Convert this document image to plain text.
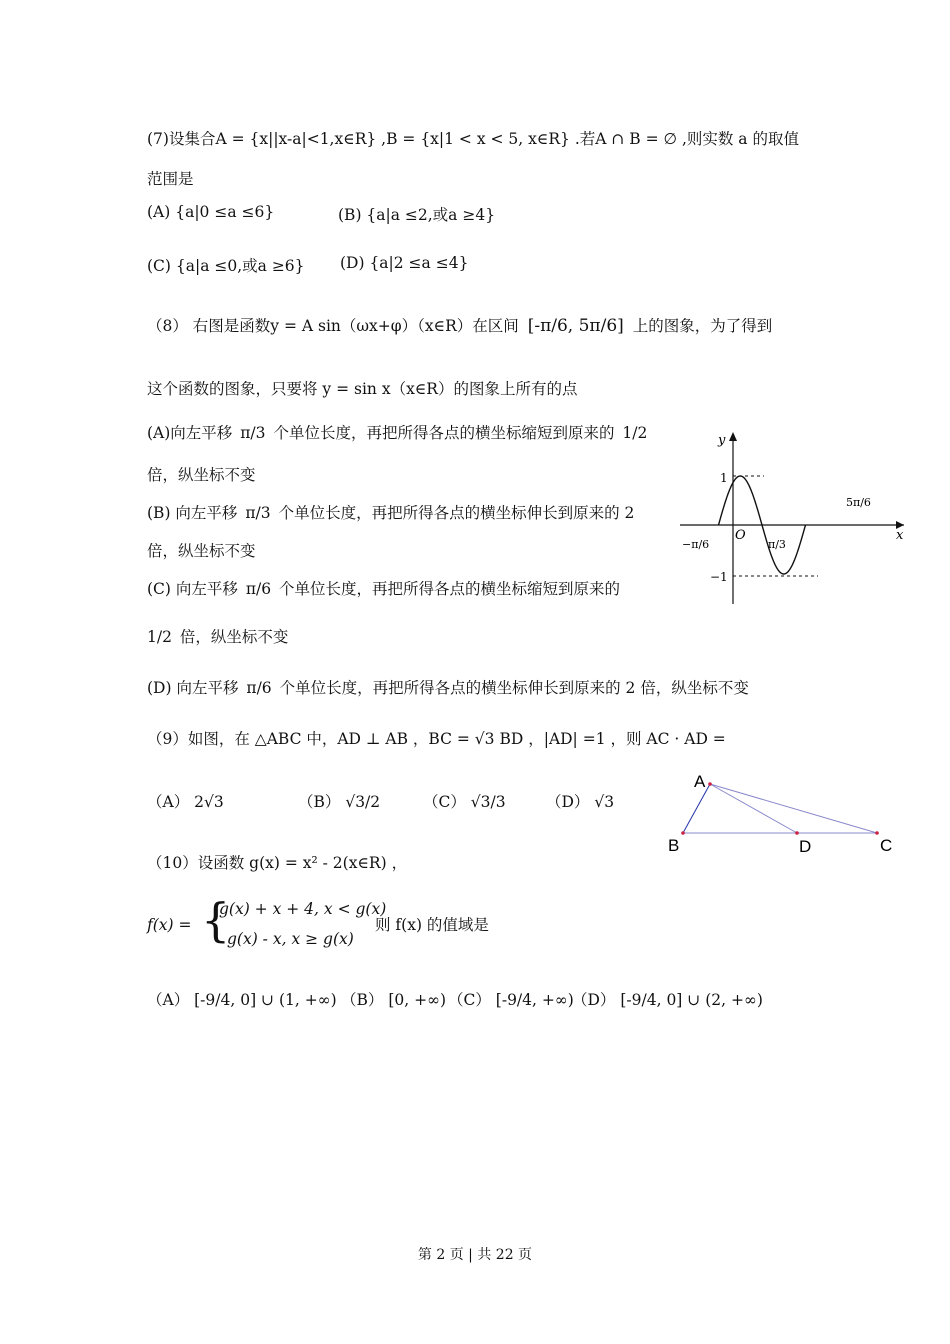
(7)设集合A = {x||x-a|<1,x∈R} ,B = {x|1 < x < 5, x∈R} .若A ∩ B = ∅ ,则实数 a 的取值
范围是
(A) {a|0 ≤a ≤6}	(B) {a|a ≤2,或a ≥4}
(C) {a|a ≤0,或a ≥6} (D) {a|2 ≤a ≤4}
（8） 右图是函数y = A sin（ωx+φ）（x∈R）在区间 [-π/6, 5π/6] 上的图象，为了得到
这个函数的图象，只要将 y = sin x（x∈R）的图象上所有的点
(A)向左平移 π/3 个单位长度，再把所得各点的横坐标缩短到原来的 1/2
倍，纵坐标不变
(B) 向左平移 π/3 个单位长度，再把所得各点的横坐标伸长到原来的 2
倍，纵坐标不变
(C) 向左平移 π/6 个单位长度，再把所得各点的横坐标缩短到原来的
1/2 倍，纵坐标不变
(D) 向左平移 π/6 个单位长度，再把所得各点的横坐标伸长到原来的 2 倍，纵坐标不变
y
x
O
1
−1
−π/6	π/3
5π/6
（9）如图，在 △ABC 中，AD ⊥ AB ，BC = √3 BD ，|AD| =1 ，则 AC · AD =
（A） 2√3	（B） √3/2	（C） √3/3	（D） √3
A
B	D	C
（10）设函数 g(x) = x² - 2(x∈R) ，
f(x) = {
g(x) + x + 4, x < g(x)
g(x) - x, x ≥ g(x)
则 f(x) 的值域是
（A） [-9/4, 0] ∪ (1, +∞) （B） [0, +∞) （C） [-9/4, +∞)
（D） [-9/4, 0] ∪ (2, +∞)
第 2 页 | 共 22 页
